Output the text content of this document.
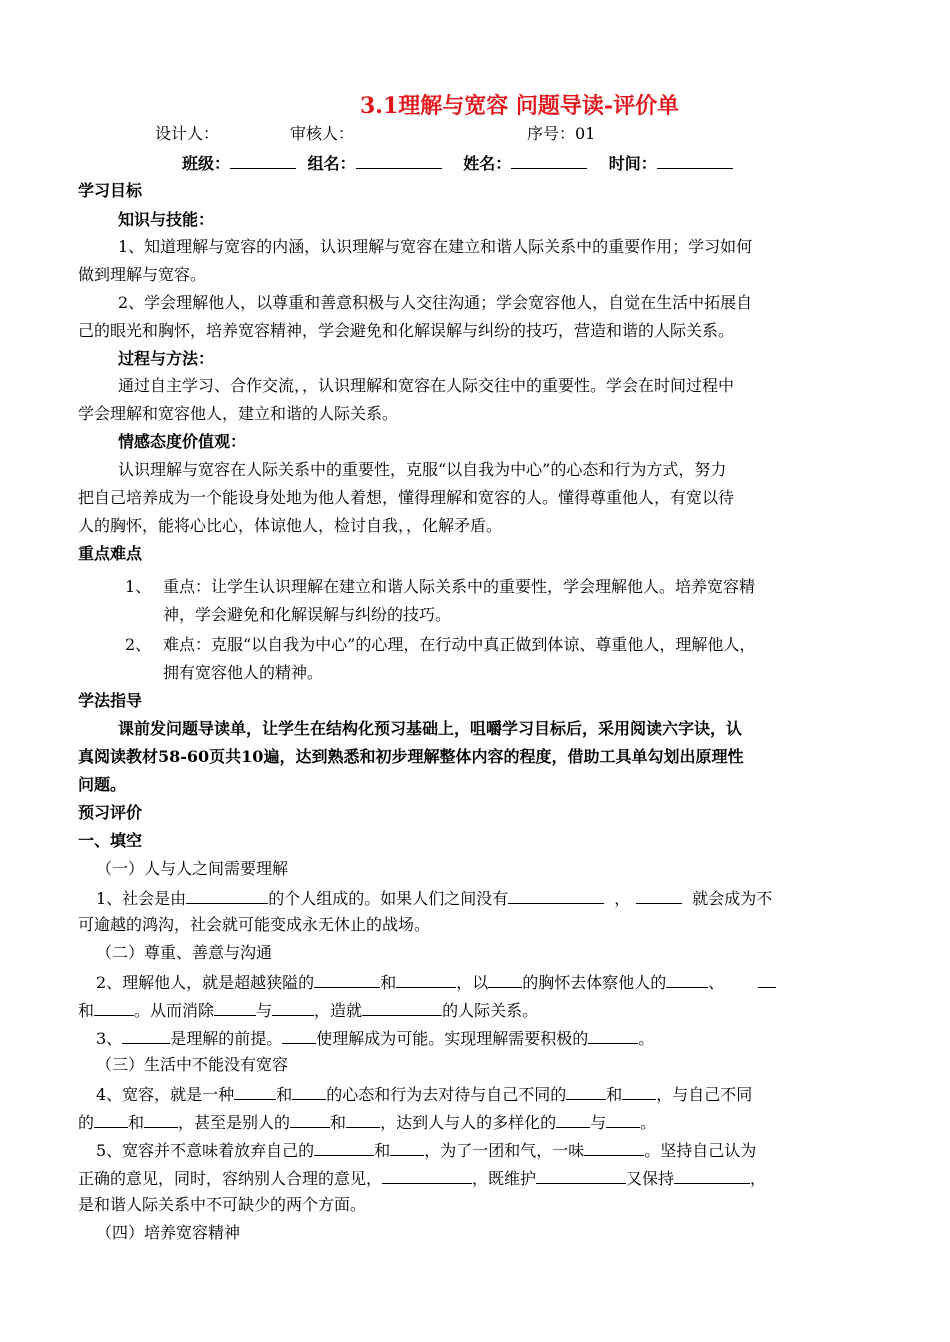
3.1理解与宽容 问题导读-评价单
设计人：	审核人：	序号：01
班级：	组名：	姓名：	时间：
学习目标
知识与技能：
1、知道理解与宽容的内涵，认识理解与宽容在建立和谐人际关系中的重要作用；学习如何
做到理解与宽容。
2、学会理解他人，以尊重和善意积极与人交往沟通；学会宽容他人，自觉在生活中拓展自
己的眼光和胸怀，培养宽容精神，学会避免和化解误解与纠纷的技巧，营造和谐的人际关系。
过程与方法：
通过自主学习、合作交流，，认识理解和宽容在人际交往中的重要性。学会在时间过程中
学会理解和宽容他人，建立和谐的人际关系。
情感态度价值观：
认识理解与宽容在人际关系中的重要性，克服“以自我为中心”的心态和行为方式，努力
把自己培养成为一个能设身处地为他人着想，懂得理解和宽容的人。懂得尊重他人，有宽以待
人的胸怀，能将心比心，体谅他人，检讨自我，，化解矛盾。
重点难点
1、 重点：让学生认识理解在建立和谐人际关系中的重要性，学会理解他人。培养宽容精
神，学会避免和化解误解与纠纷的技巧。
2、 难点：克服“以自我为中心”的心理，在行动中真正做到体谅、尊重他人，理解他人，
拥有宽容他人的精神。
学法指导
课前发问题导读单，让学生在结构化预习基础上，咀嚼学习目标后，采用阅读六字诀，认
真阅读教材58-60页共10遍，达到熟悉和初步理解整体内容的程度，借助工具单勾划出原理性
问题。
预习评价
一、填空
（一）人与人之间需要理解
1、社会是由	的个人组成的。如果人们之间没有	，	就会成为不
可逾越的鸿沟，社会就可能变成永无休止的战场。
（二）尊重、善意与沟通
2、理解他人，就是超越狭隘的	和	，以 的胸怀去体察他人的	、
和	。从而消除	与	，造就	的人际关系。
3、	是理解的前提。 使理解成为可能。实现理解需要积极的	。
（三）生活中不能没有宽容
4、宽容，就是一种	和 的心态和行为去对待与自己不同的	和 ，与自己不同
的 和 ，甚至是别人的	和 ，达到人与人的多样化的 与 。
5、宽容并不意味着放弃自己的	和 ，为了一团和气，一味	。坚持自己认为
正确的意见，同时，容纳别人合理的意见，	，既维护	又保持	，
是和谐人际关系中不可缺少的两个方面。
（四）培养宽容精神
